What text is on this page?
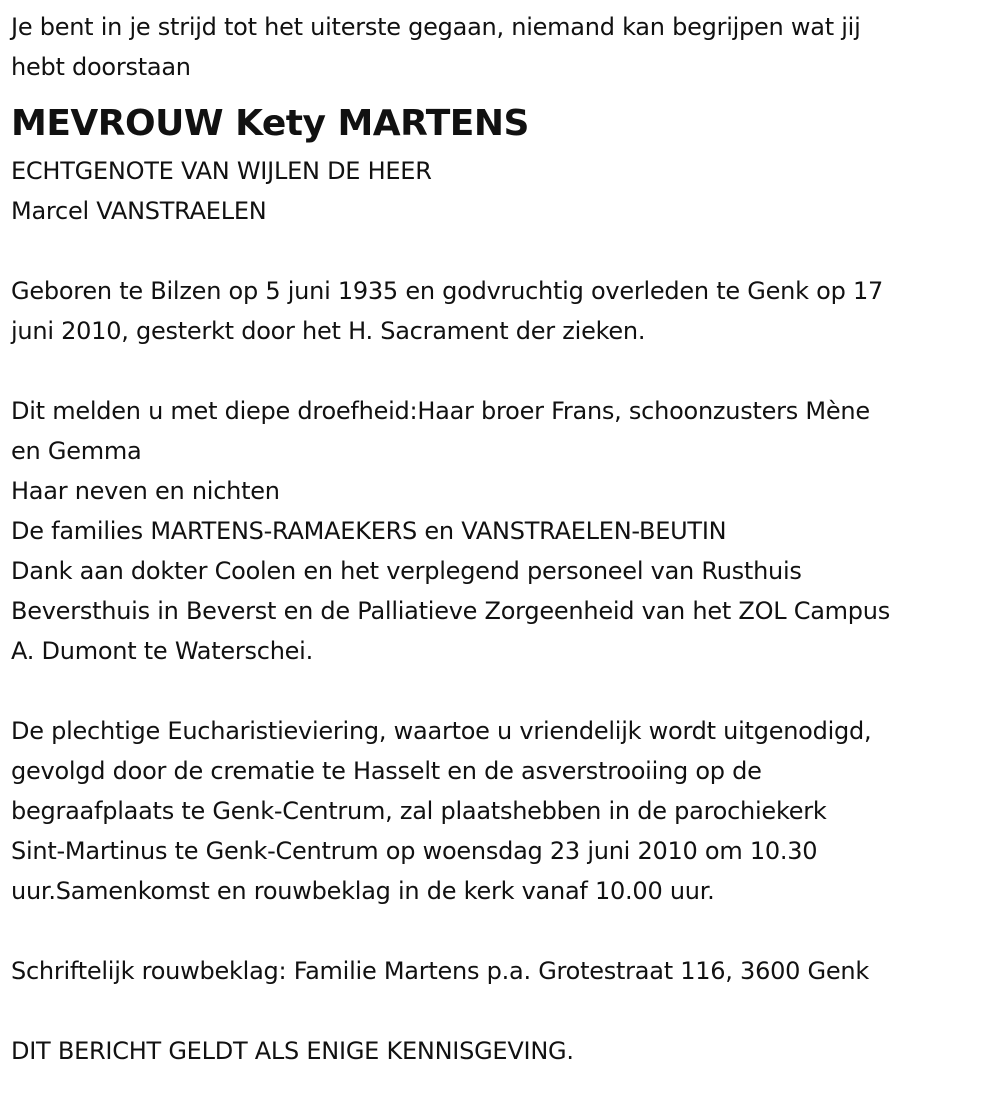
Je bent in je strijd tot het uiterste gegaan, niemand kan begrijpen wat jij
hebt doorstaan
MEVROUW Kety MARTENS
ECHTGENOTE VAN WIJLEN DE HEER
Marcel VANSTRAELEN
Geboren te Bilzen op 5 juni 1935 en godvruchtig overleden te Genk op 17
juni 2010, gesterkt door het H. Sacrament der zieken.
Dit melden u met diepe droefheid:Haar broer Frans, schoonzusters Mène
en Gemma
Haar neven en nichten
De families MARTENS-RAMAEKERS en VANSTRAELEN-BEUTIN
Dank aan dokter Coolen en het verplegend personeel van Rusthuis
Beversthuis in Beverst en de Palliatieve Zorgeenheid van het ZOL Campus
A. Dumont te Waterschei.
De plechtige Eucharistieviering, waartoe u vriendelijk wordt uitgenodigd,
gevolgd door de crematie te Hasselt en de asverstrooiing op de
begraafplaats te Genk-Centrum, zal plaatshebben in de parochiekerk
Sint-Martinus te Genk-Centrum op woensdag 23 juni 2010 om 10.30
uur.Samenkomst en rouwbeklag in de kerk vanaf 10.00 uur.
Schriftelijk rouwbeklag: Familie Martens p.a. Grotestraat 116, 3600 Genk
DIT BERICHT GELDT ALS ENIGE KENNISGEVING.
